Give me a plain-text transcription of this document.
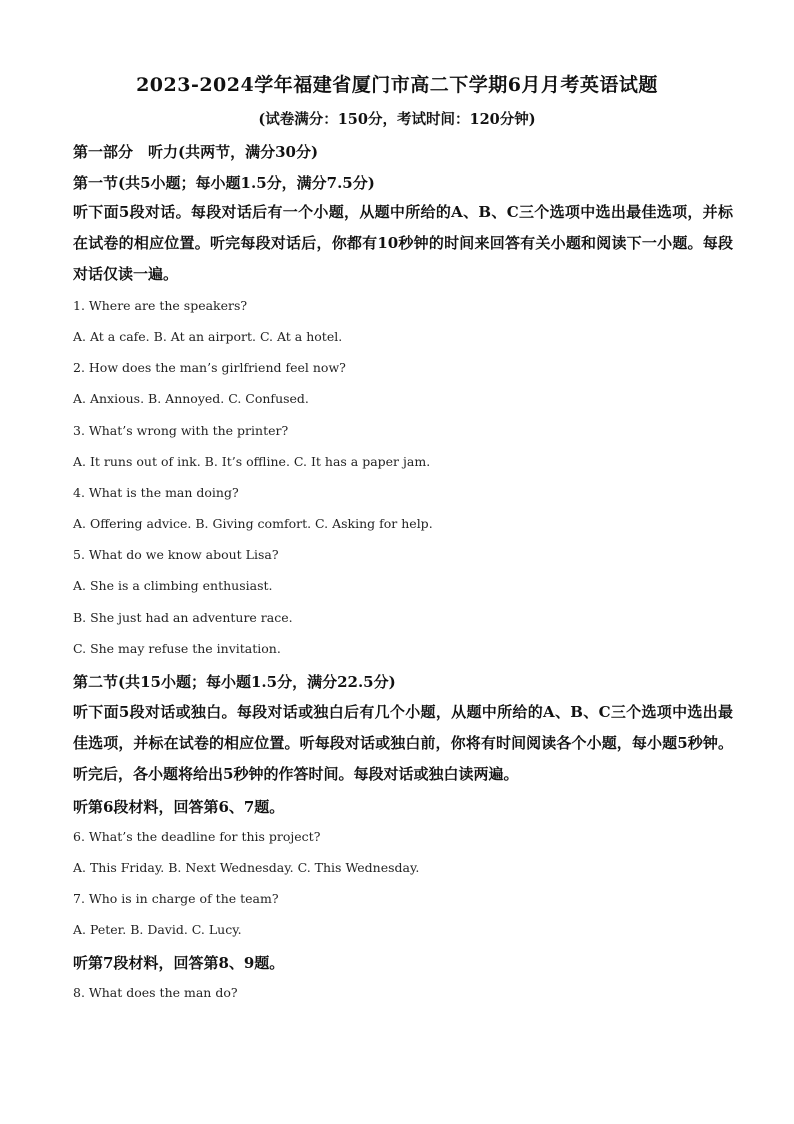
2023-2024学年福建省厦门市高二下学期6月月考英语试题
(试卷满分：150分，考试时间：120分钟)
第一部分　听力(共两节，满分30分)
第一节(共5小题；每小题1.5分，满分7.5分)
听下面5段对话。每段对话后有一个小题，从题中所给的A、B、C三个选项中选出最佳选项，并标在试卷的相应位置。听完每段对话后，你都有10秒钟的时间来回答有关小题和阅读下一小题。每段对话仅读一遍。
1. Where are the speakers?
A. At a cafe. B. At an airport. C. At a hotel.
2. How does the man’s girlfriend feel now?
A. Anxious. B. Annoyed. C. Confused.
3. What’s wrong with the printer?
A. It runs out of ink. B. It’s offline. C. It has a paper jam.
4. What is the man doing?
A. Offering advice. B. Giving comfort. C. Asking for help.
5. What do we know about Lisa?
A. She is a climbing enthusiast.
B. She just had an adventure race.
C. She may refuse the invitation.
第二节(共15小题；每小题1.5分，满分22.5分)
听下面5段对话或独白。每段对话或独白后有几个小题，从题中所给的A、B、C三个选项中选出最佳选项，并标在试卷的相应位置。听每段对话或独白前，你将有时间阅读各个小题，每小题5秒钟。听完后，各小题将给出5秒钟的作答时间。每段对话或独白读两遍。
听第6段材料，回答第6、7题。
6. What’s the deadline for this project?
A. This Friday. B. Next Wednesday. C. This Wednesday.
7. Who is in charge of the team?
A. Peter. B. David. C. Lucy.
听第7段材料，回答第8、9题。
8. What does the man do?
